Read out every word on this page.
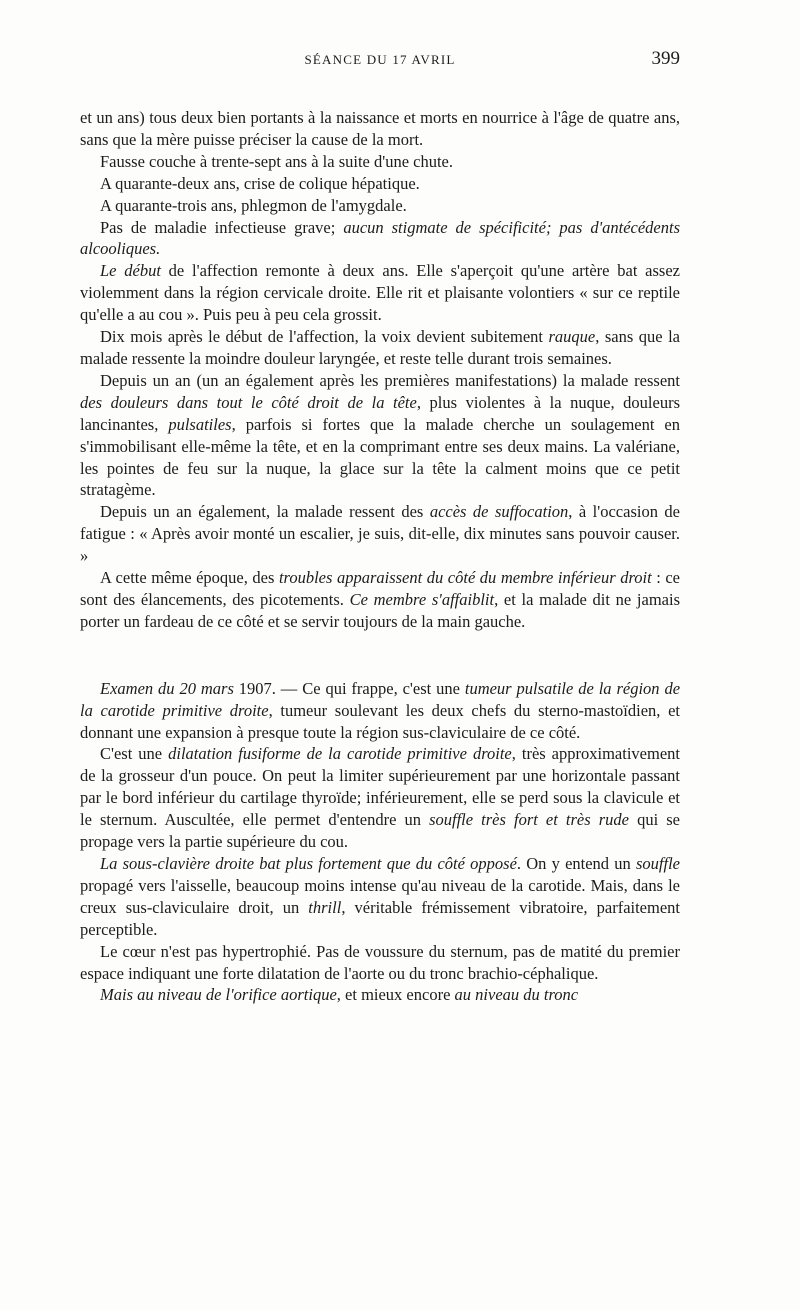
SÉANCE DU 17 AVRIL	399

et un ans) tous deux bien portants à la naissance et morts en nourrice à l'âge de quatre ans, sans que la mère puisse préciser la cause de la mort.

Fausse couche à trente-sept ans à la suite d'une chute.

A quarante-deux ans, crise de colique hépatique.

A quarante-trois ans, phlegmon de l'amygdale.

Pas de maladie infectieuse grave; aucun stigmate de spécificité; pas d'antécédents alcooliques.

Le début de l'affection remonte à deux ans. Elle s'aperçoit qu'une artère bat assez violemment dans la région cervicale droite. Elle rit et plaisante volontiers « sur ce reptile qu'elle a au cou ». Puis peu à peu cela grossit.

Dix mois après le début de l'affection, la voix devient subitement rauque, sans que la malade ressente la moindre douleur laryngée, et reste telle durant trois semaines.

Depuis un an (un an également après les premières manifestations) la malade ressent des douleurs dans tout le côté droit de la tête, plus violentes à la nuque, douleurs lancinantes, pulsatiles, parfois si fortes que la malade cherche un soulagement en s'immobilisant elle-même la tête, et en la comprimant entre ses deux mains. La valériane, les pointes de feu sur la nuque, la glace sur la tête la calment moins que ce petit stratagème.

Depuis un an également, la malade ressent des accès de suffocation, à l'occasion de fatigue : « Après avoir monté un escalier, je suis, dit-elle, dix minutes sans pouvoir causer. »

A cette même époque, des troubles apparaissent du côté du membre inférieur droit : ce sont des élancements, des picotements. Ce membre s'affaiblit, et la malade dit ne jamais porter un fardeau de ce côté et se servir toujours de la main gauche.

Examen du 20 mars 1907. — Ce qui frappe, c'est une tumeur pulsatile de la région de la carotide primitive droite, tumeur soulevant les deux chefs du sterno-mastoïdien, et donnant une expansion à presque toute la région sus-claviculaire de ce côté.

C'est une dilatation fusiforme de la carotide primitive droite, très approximativement de la grosseur d'un pouce. On peut la limiter supérieurement par une horizontale passant par le bord inférieur du cartilage thyroïde; inférieurement, elle se perd sous la clavicule et le sternum. Auscultée, elle permet d'entendre un souffle très fort et très rude qui se propage vers la partie supérieure du cou.

La sous-clavière droite bat plus fortement que du côté opposé. On y entend un souffle propagé vers l'aisselle, beaucoup moins intense qu'au niveau de la carotide. Mais, dans le creux sus-claviculaire droit, un thrill, véritable frémissement vibratoire, parfaitement perceptible.

Le cœur n'est pas hypertrophié. Pas de voussure du sternum, pas de matité du premier espace indiquant une forte dilatation de l'aorte ou du tronc brachio-céphalique.

Mais au niveau de l'orifice aortique, et mieux encore au niveau du tronc
